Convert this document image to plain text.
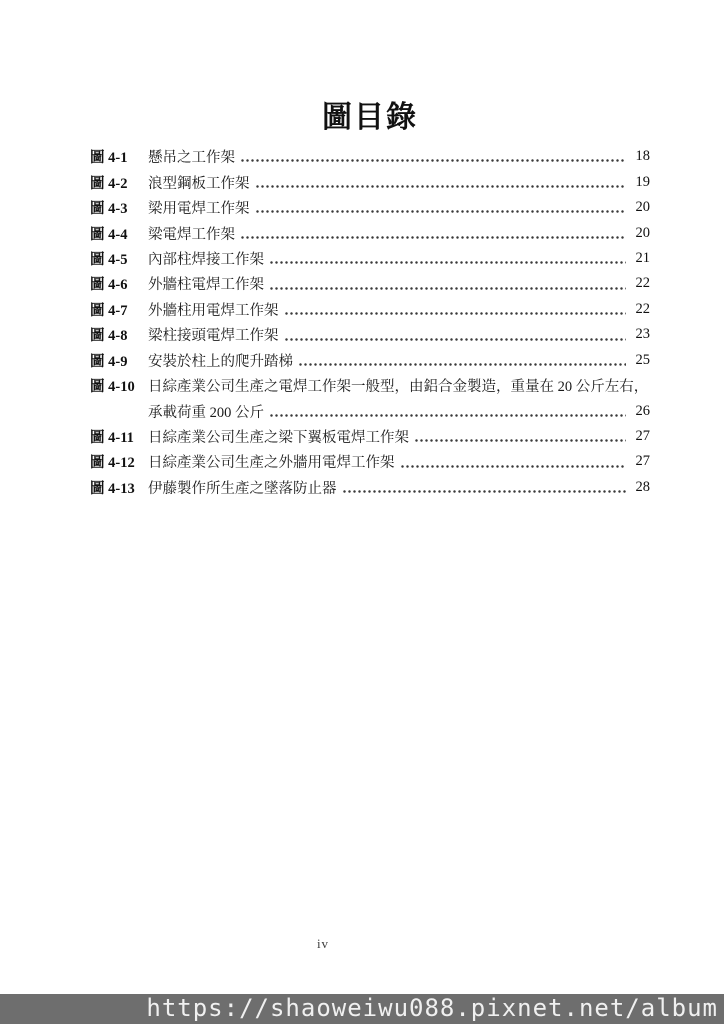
圖目錄
圖 4-1	懸吊之工作架	18
圖 4-2	浪型鋼板工作架	19
圖 4-3	梁用電焊工作架	20
圖 4-4	梁電焊工作架	20
圖 4-5	內部柱焊接工作架	21
圖 4-6	外牆柱電焊工作架	22
圖 4-7	外牆柱用電焊工作架	22
圖 4-8	梁柱接頭電焊工作架	23
圖 4-9	安裝於柱上的爬升踏梯	25
圖 4-10 日綜產業公司生產之電焊工作架一般型，由鋁合金製造，重量在 20 公斤左右，
承載荷重 200 公斤	26
圖 4-11 日綜產業公司生產之梁下翼板電焊工作架	27
圖 4-12 日綜產業公司生產之外牆用電焊工作架	27
圖 4-13 伊藤製作所生產之墜落防止器	28
iv
https://shaoweiwu088.pixnet.net/album
